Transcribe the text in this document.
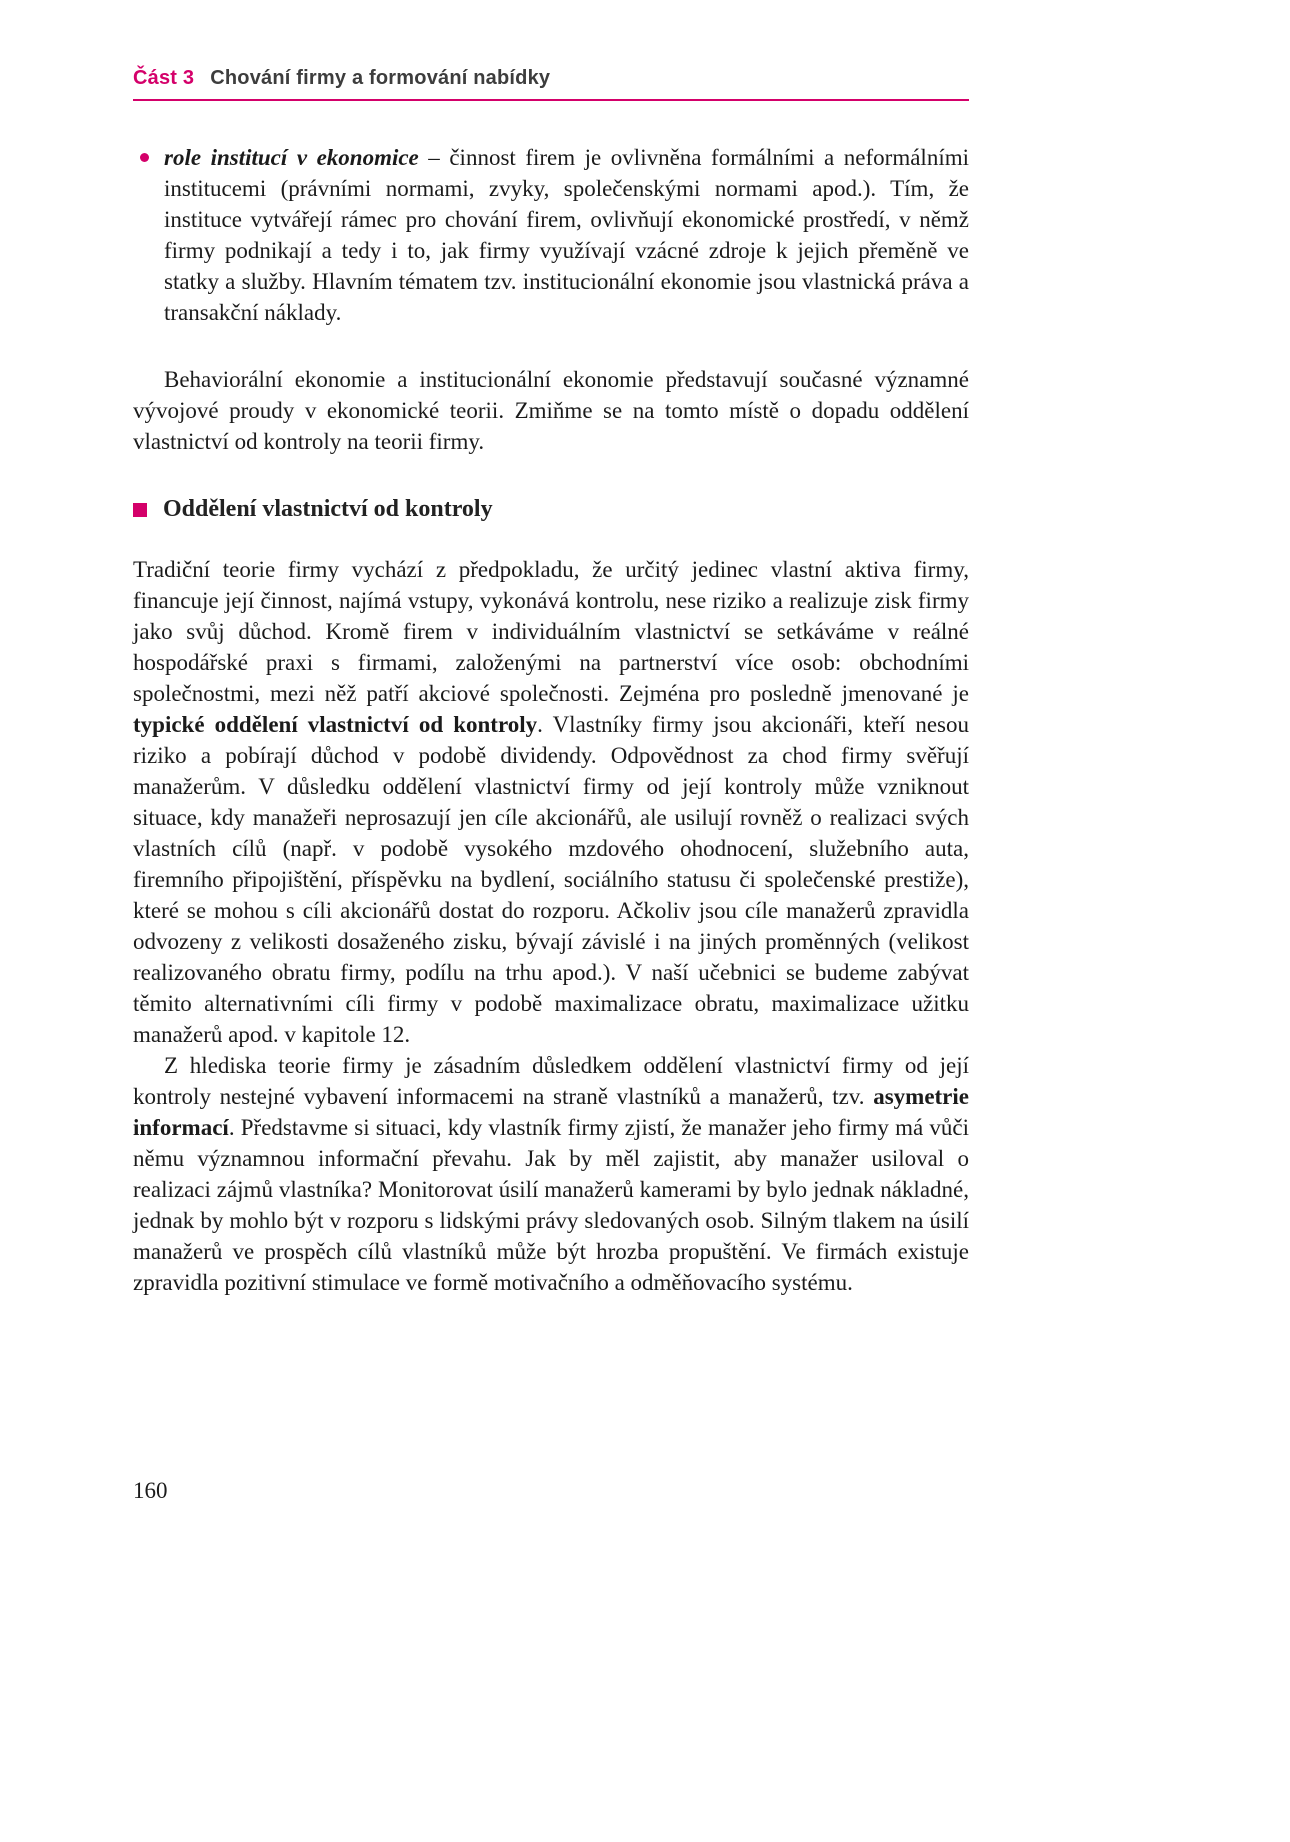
Část 3 Chování firmy a formování nabídky

role institucí v ekonomice – činnost firem je ovlivněna formálními a neformálními institucemi (právními normami, zvyky, společenskými normami apod.). Tím, že instituce vytvářejí rámec pro chování firem, ovlivňují ekonomické prostředí, v němž firmy podnikají a tedy i to, jak firmy využívají vzácné zdroje k jejich přeměně ve statky a služby. Hlavním tématem tzv. institucionální ekonomie jsou vlastnická práva a transakční náklady.

Behaviorální ekonomie a institucionální ekonomie představují současné významné vývojové proudy v ekonomické teorii. Zmiňme se na tomto místě o dopadu oddělení vlastnictví od kontroly na teorii firmy.

Oddělení vlastnictví od kontroly

Tradiční teorie firmy vychází z předpokladu, že určitý jedinec vlastní aktiva firmy, financuje její činnost, najímá vstupy, vykonává kontrolu, nese riziko a realizuje zisk firmy jako svůj důchod. Kromě firem v individuálním vlastnictví se setkáváme v reálné hospodářské praxi s firmami, založenými na partnerství více osob: obchodními společnostmi, mezi něž patří akciové společnosti. Zejména pro posledně jmenované je typické oddělení vlastnictví od kontroly. Vlastníky firmy jsou akcionáři, kteří nesou riziko a pobírají důchod v podobě dividendy. Odpovědnost za chod firmy svěřují manažerům. V důsledku oddělení vlastnictví firmy od její kontroly může vzniknout situace, kdy manažeři neprosazují jen cíle akcionářů, ale usilují rovněž o realizaci svých vlastních cílů (např. v podobě vysokého mzdového ohodnocení, služebního auta, firemního připojištění, příspěvku na bydlení, sociálního statusu či společenské prestiže), které se mohou s cíli akcionářů dostat do rozporu. Ačkoliv jsou cíle manažerů zpravidla odvozeny z velikosti dosaženého zisku, bývají závislé i na jiných proměnných (velikost realizovaného obratu firmy, podílu na trhu apod.). V naší učebnici se budeme zabývat těmito alternativními cíli firmy v podobě maximalizace obratu, maximalizace užitku manažerů apod. v kapitole 12.

Z hlediska teorie firmy je zásadním důsledkem oddělení vlastnictví firmy od její kontroly nestejné vybavení informacemi na straně vlastníků a manažerů, tzv. asymetrie informací. Představme si situaci, kdy vlastník firmy zjistí, že manažer jeho firmy má vůči němu významnou informační převahu. Jak by měl zajistit, aby manažer usiloval o realizaci zájmů vlastníka? Monitorovat úsilí manažerů kamerami by bylo jednak nákladné, jednak by mohlo být v rozporu s lidskými právy sledovaných osob. Silným tlakem na úsilí manažerů ve prospěch cílů vlastníků může být hrozba propuštění. Ve firmách existuje zpravidla pozitivní stimulace ve formě motivačního a odměňovacího systému.

160
